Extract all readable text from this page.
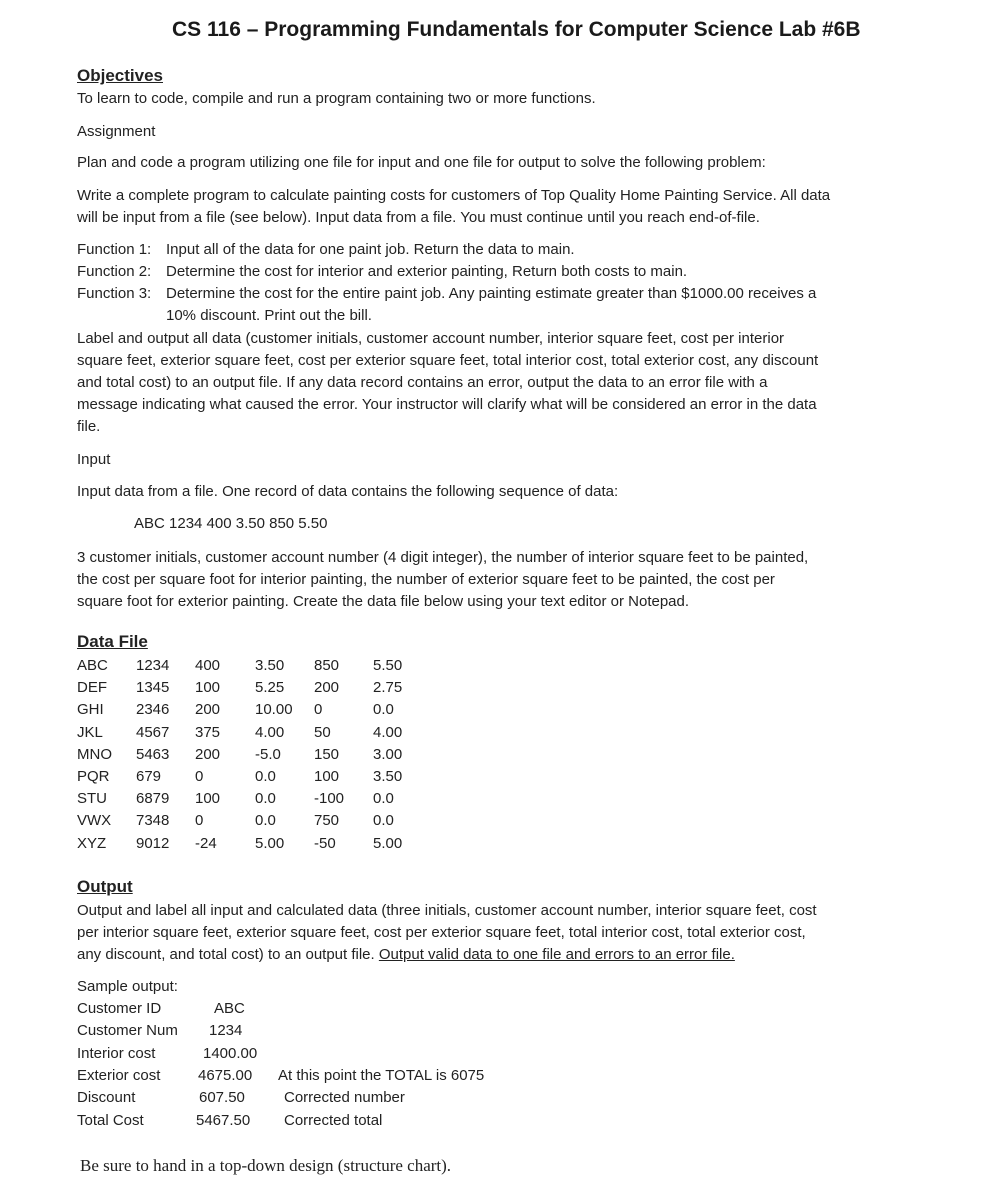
CS 116 – Programming Fundamentals for Computer Science Lab #6B
Objectives
To learn to code, compile and run a program containing two or more functions.
Assignment
Plan and code a program utilizing one file for input and one file for output to solve the following problem:
Write a complete program to calculate painting costs for customers of Top Quality Home Painting Service. All data
will be input from a file (see below). Input data from a file. You must continue until you reach end-of-file.
Function 1: Input all of the data for one paint job. Return the data to main.
Function 2: Determine the cost for interior and exterior painting, Return both costs to main.
Function 3: Determine the cost for the entire paint job. Any painting estimate greater than $1000.00 receives a
10% discount. Print out the bill.
Label and output all data (customer initials, customer account number, interior square feet, cost per interior
square feet, exterior square feet, cost per exterior square feet, total interior cost, total exterior cost, any discount
and total cost) to an output file. If any data record contains an error, output the data to an error file with a
message indicating what caused the error. Your instructor will clarify what will be considered an error in the data
file.
Input
Input data from a file. One record of data contains the following sequence of data:
ABC 1234 400 3.50 850 5.50
3 customer initials, customer account number (4 digit integer), the number of interior square feet to be painted,
the cost per square foot for interior painting, the number of exterior square feet to be painted, the cost per
square foot for exterior painting. Create the data file below using your text editor or Notepad.
Data File
ABC 1234 400 3.50 850 5.50
DEF 1345 100 5.25 200 2.75
GHI 2346 200 10.00 0	0.0
JKL 4567 375 4.00 50	4.00
MNO 5463 200 -5.0 150 3.00
PQR 679 0	0.0	100 3.50
STU 6879 100 0.0	-100 0.0
VWX 7348 0	0.0	750 0.0
XYZ 9012 -24	5.00 -50 5.00
Output
Output and label all input and calculated data (three initials, customer account number, interior square feet, cost
per interior square feet, exterior square feet, cost per exterior square feet, total interior cost, total exterior cost,
any discount, and total cost) to an output file. Output valid data to one file and errors to an error file.
Sample output:
Customer ID	ABC
Customer Num 1234
Interior cost	1400.00
Exterior cost	4675.00 At this point the TOTAL is 6075
Discount	607.50	Corrected number
Total Cost	5467.50 Corrected total
Be sure to hand in a top-down design (structure chart).
